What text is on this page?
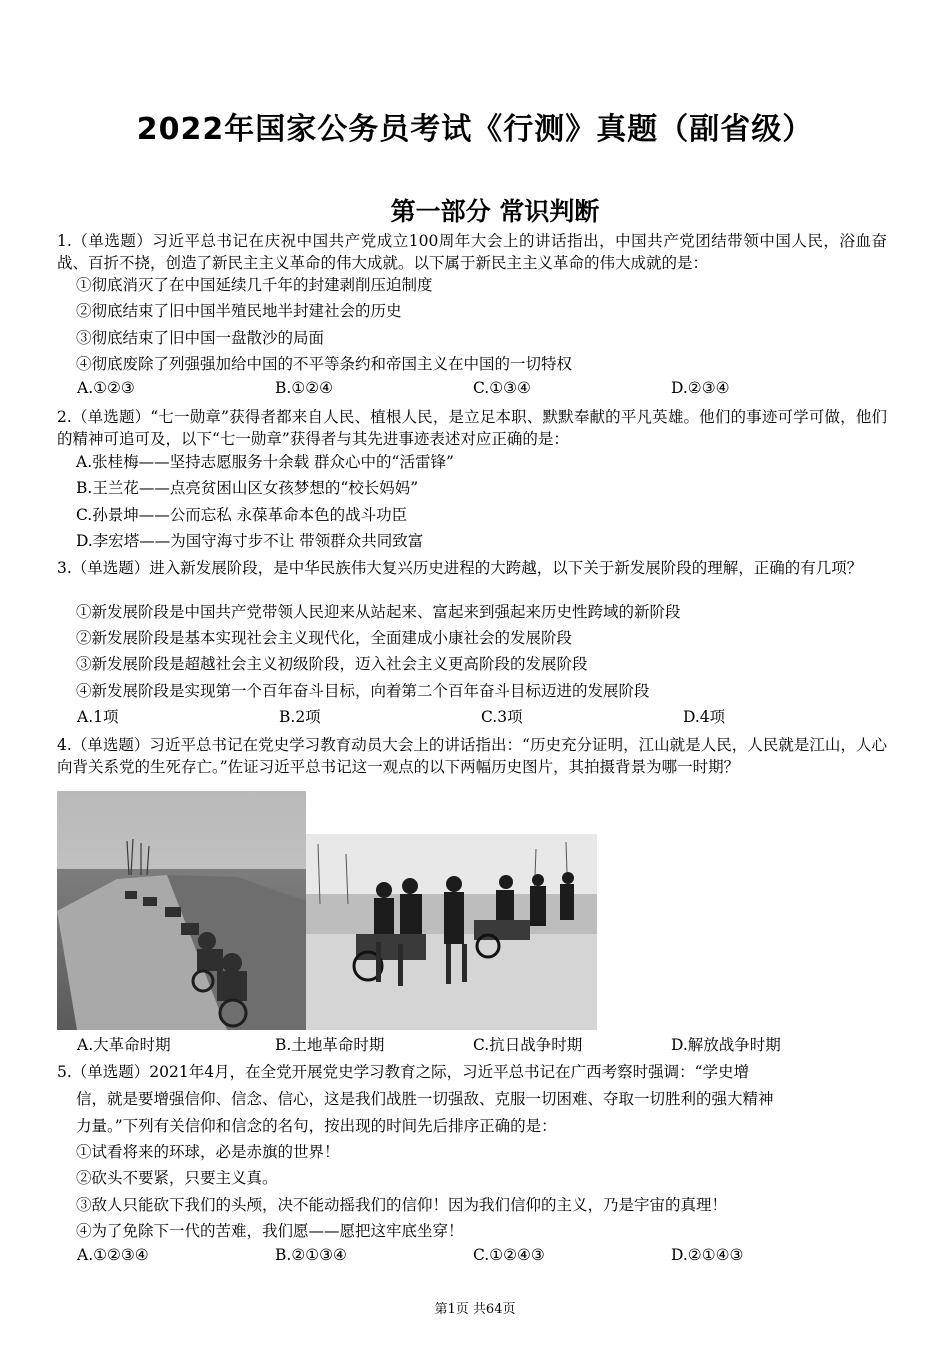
2022年国家公务员考试《行测》真题（副省级）
第一部分 常识判断
1.（单选题）习近平总书记在庆祝中国共产党成立100周年大会上的讲话指出，中国共产党团结带领中国人民，浴血奋战、百折不挠，创造了新民主主义革命的伟大成就。以下属于新民主主义革命的伟大成就的是：
①彻底消灭了在中国延续几千年的封建剥削压迫制度
②彻底结束了旧中国半殖民地半封建社会的历史
③彻底结束了旧中国一盘散沙的局面
④彻底废除了列强强加给中国的不平等条约和帝国主义在中国的一切特权
A.①②③	B.①②④	C.①③④	D.②③④
2.（单选题）“七一勋章”获得者都来自人民、植根人民，是立足本职、默默奉献的平凡英雄。他们的事迹可学可做，他们的精神可追可及，以下“七一勋章”获得者与其先进事迹表述对应正确的是：
A.张桂梅——坚持志愿服务十余载 群众心中的“活雷锋”
B.王兰花——点亮贫困山区女孩梦想的“校长妈妈”
C.孙景坤——公而忘私 永葆革命本色的战斗功臣
D.李宏塔——为国守海寸步不让 带领群众共同致富
3.（单选题）进入新发展阶段，是中华民族伟大复兴历史进程的大跨越，以下关于新发展阶段的理解，正确的有几项？
①新发展阶段是中国共产党带领人民迎来从站起来、富起来到强起来历史性跨域的新阶段
②新发展阶段是基本实现社会主义现代化，全面建成小康社会的发展阶段
③新发展阶段是超越社会主义初级阶段，迈入社会主义更高阶段的发展阶段
④新发展阶段是实现第一个百年奋斗目标，向着第二个百年奋斗目标迈进的发展阶段
A.1项	B.2项	C.3项	D.4项
4.（单选题）习近平总书记在党史学习教育动员大会上的讲话指出：“历史充分证明，江山就是人民，人民就是江山，人心向背关系党的生死存亡。”佐证习近平总书记这一观点的以下两幅历史图片，其拍摄背景为哪一时期？
A.大革命时期	B.土地革命时期	C.抗日战争时期	D.解放战争时期
5.（单选题）2021年4月，在全党开展党史学习教育之际，习近平总书记在广西考察时强调：“学史增
信，就是要增强信仰、信念、信心，这是我们战胜一切强敌、克服一切困难、夺取一切胜利的强大精神
力量。”下列有关信仰和信念的名句，按出现的时间先后排序正确的是：
①试看将来的环球，必是赤旗的世界！
②砍头不要紧，只要主义真。
③敌人只能砍下我们的头颅，决不能动摇我们的信仰！因为我们信仰的主义，乃是宇宙的真理！
④为了免除下一代的苦难，我们愿——愿把这牢底坐穿！
A.①②③④	B.②①③④	C.①②④③	D.②①④③
第1页 共64页
